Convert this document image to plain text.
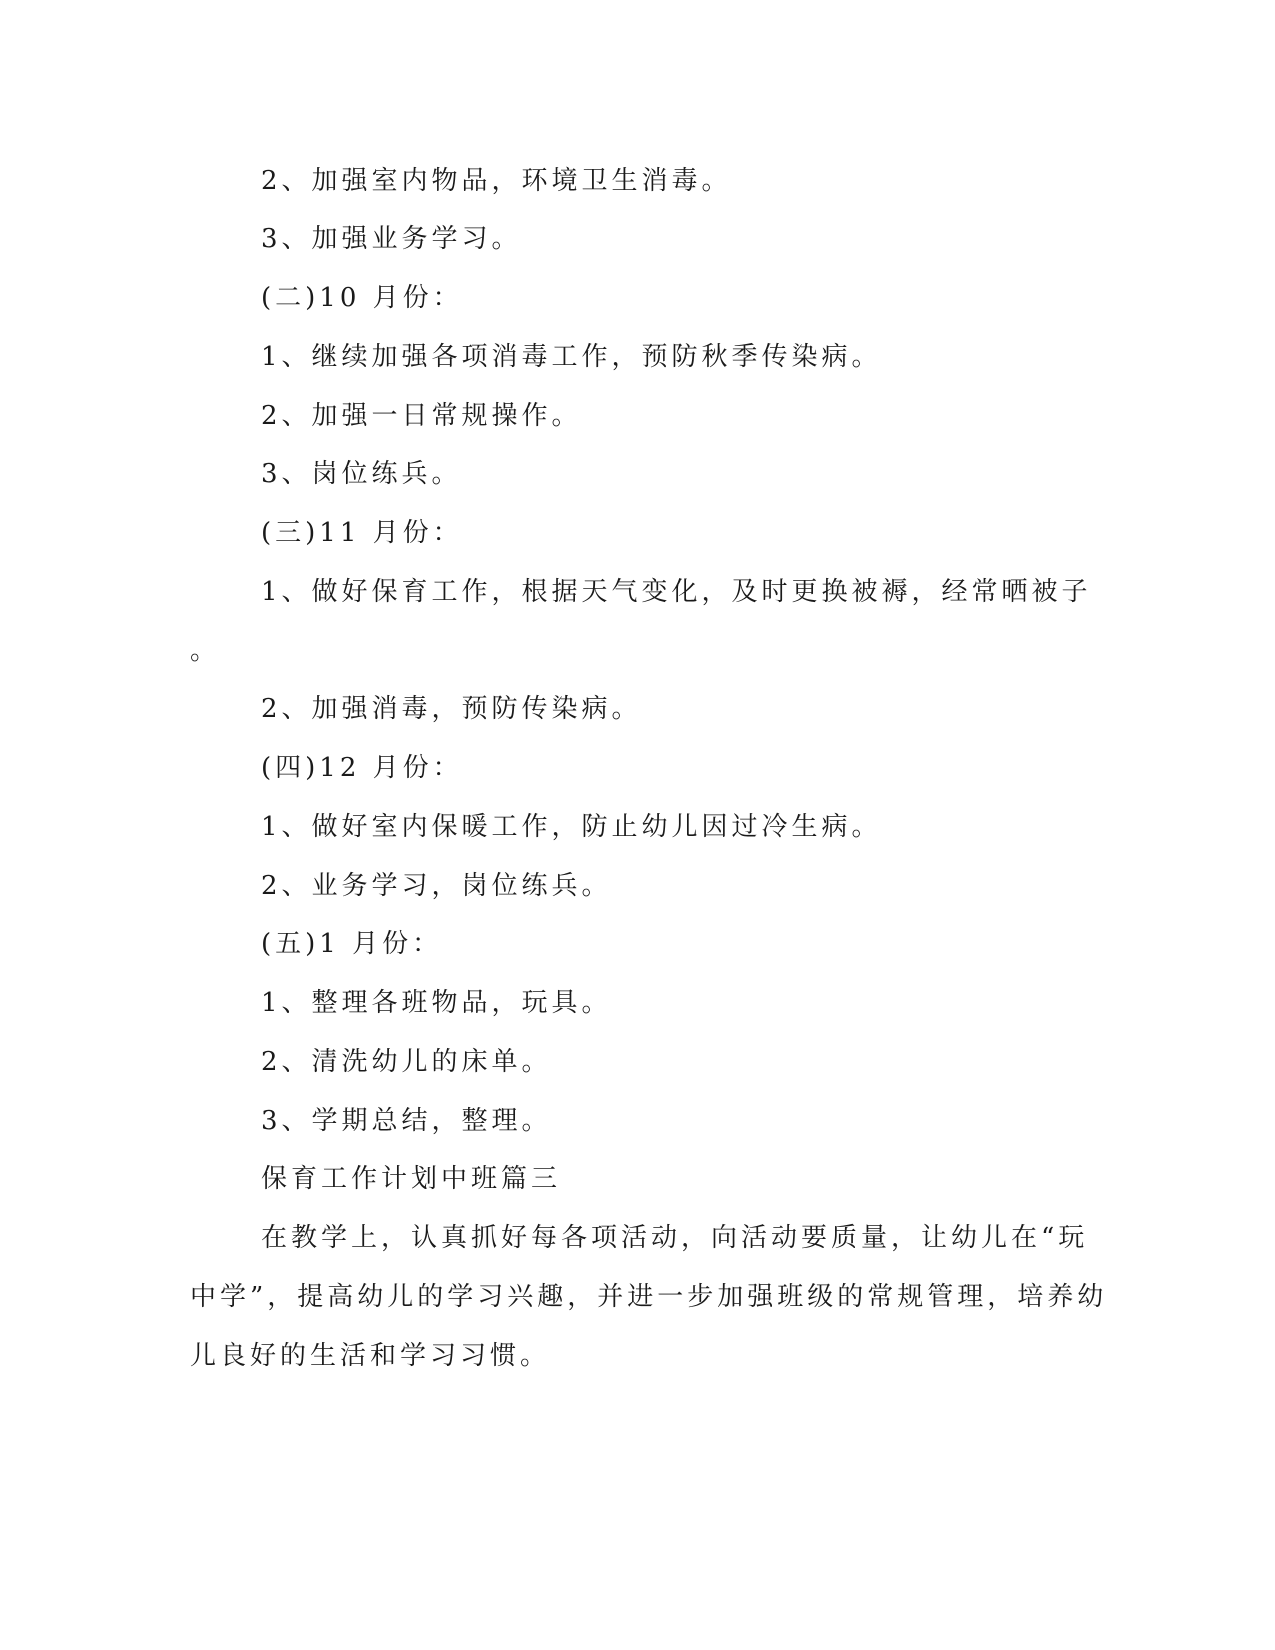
2、加强室内物品，环境卫生消毒。
3、加强业务学习。
(二)10 月份：
1、继续加强各项消毒工作，预防秋季传染病。
2、加强一日常规操作。
3、岗位练兵。
(三)11 月份：
1、做好保育工作，根据天气变化，及时更换被褥，经常晒被子
。
2、加强消毒，预防传染病。
(四)12 月份：
1、做好室内保暖工作，防止幼儿因过冷生病。
2、业务学习，岗位练兵。
(五)1 月份：
1、整理各班物品，玩具。
2、清洗幼儿的床单。
3、学期总结，整理。
保育工作计划中班篇三
在教学上，认真抓好每各项活动，向活动要质量，让幼儿在“玩
中学”，提高幼儿的学习兴趣，并进一步加强班级的常规管理，培养幼
儿良好的生活和学习习惯。
